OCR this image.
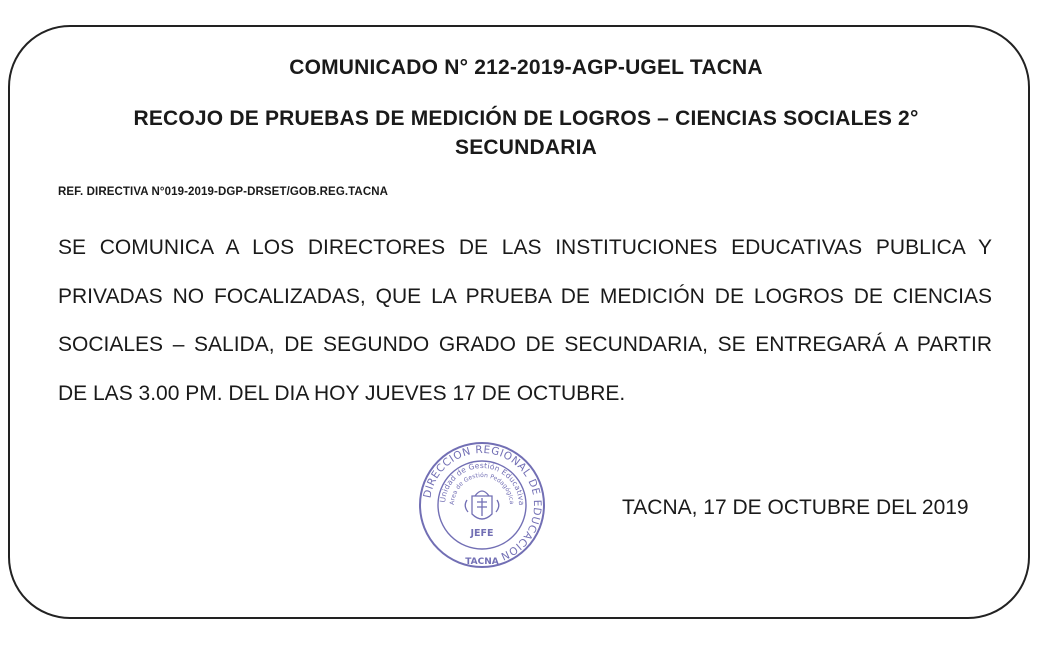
COMUNICADO N° 212-2019-AGP-UGEL TACNA
RECOJO DE PRUEBAS DE MEDICIÓN DE LOGROS – CIENCIAS SOCIALES 2°
SECUNDARIA
REF. DIRECTIVA N°019-2019-DGP-DRSET/GOB.REG.TACNA
SE COMUNICA A LOS DIRECTORES DE LAS INSTITUCIONES EDUCATIVAS PUBLICA Y
PRIVADAS NO FOCALIZADAS, QUE LA PRUEBA DE MEDICIÓN DE LOGROS DE CIENCIAS
SOCIALES – SALIDA, DE SEGUNDO GRADO DE SECUNDARIA, SE ENTREGARÁ A PARTIR
DE LAS 3.00 PM. DEL DIA HOY JUEVES 17 DE OCTUBRE.
DIRECCION REGIONAL DE EDUCACION
Unidad de Gestión Educativa
Area de Gestión Pedagógica
JEFE
TACNA
TACNA, 17 DE OCTUBRE DEL 2019
